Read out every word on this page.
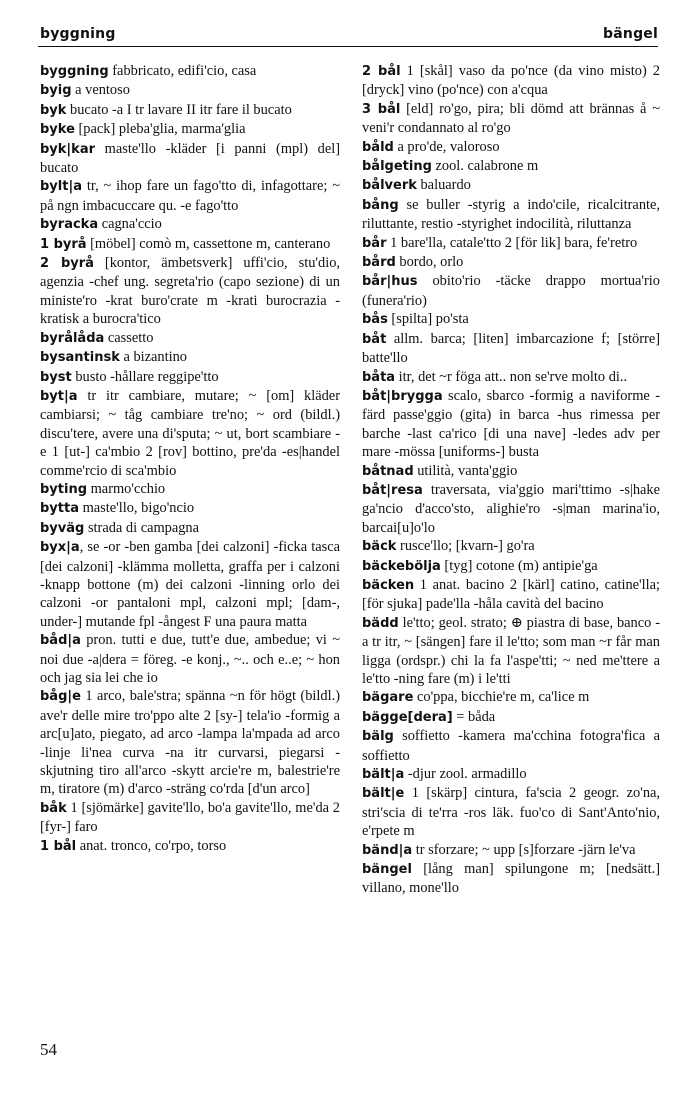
byggning	bängel
byggning fabbricato, edifi'cio, casa
byig a ventoso
byk bucato -a I tr lavare II itr fare il bucato
byke [pack] pleba'glia, marma'glia
byk|kar maste'llo -kläder [i panni (mpl) del] bucato
bylt|a tr, ~ ihop fare un fago'tto di, infagottare; ~ på ngn imbacuccare qu. -e fago'tto
byracka cagna'ccio
1 byrå [möbel] comò m, cassettone m, canterano
2 byrå [kontor, ämbetsverk] uffi'cio, stu'dio, agenzia -chef ung. segreta'rio (capo sezione) di un ministe'ro -krat buro'crate m -krati burocrazia -kratisk a burocra'tico
byrålåda cassetto
bysantinsk a bizantino
byst busto -hållare reggipe'tto
byt|a tr itr cambiare, mutare; ~ [om] kläder cambiarsi; ~ tåg cambiare tre'no; ~ ord (bildl.) discu'tere, avere una di'sputa; ~ ut, bort scambiare -e 1 [ut-] ca'mbio 2 [rov] bottino, pre'da -es|handel comme'rcio di sca'mbio
byting marmo'cchio
bytta maste'llo, bigo'ncio
byväg strada di campagna
byx|a, se -or -ben gamba [dei calzoni] -ficka tasca [dei calzoni] -klämma molletta, graffa per i calzoni -knapp bottone (m) dei calzoni -linning orlo dei calzoni -or pantaloni mpl, calzoni mpl; [dam-, under-] mutande fpl -ångest F una paura matta
båd|a pron. tutti e due, tutt'e due, ambedue; vi ~ noi due -a|dera = föreg. -e konj., ~.. och e..e; ~ hon och jag sia lei che io
båg|e 1 arco, bale'stra; spänna ~n för högt (bildl.) ave'r delle mire tro'ppo alte 2 [sy-] tela'io -formig a arc[u]ato, piegato, ad arco -lampa la'mpada ad arco -linje li'nea curva -na itr curvarsi, piegarsi -skjutning tiro all'arco -skytt arcie're m, balestrie're m, tiratore (m) d'arco -sträng co'rda [d'un arco]
båk 1 [sjömärke] gavite'llo, bo'a gavite'llo, me'da 2 [fyr-] faro
1 bål anat. tronco, co'rpo, torso
2 bål 1 [skål] vaso da po'nce (da vino misto) 2 [dryck] vino (po'nce) con a'cqua
3 bål [eld] ro'go, pira; bli dömd att brännas å ~ veni'r condannato al ro'go
båld a pro'de, valoroso
bålgeting zool. calabrone m
bålverk baluardo
bång se buller -styrig a indo'cile, ricalcitrante, riluttante, restio -styrighet indocilità, riluttanza
bår 1 bare'lla, catale'tto 2 [för lik] bara, fe'retro
bård bordo, orlo
bår|hus obito'rio -täcke drappo mortua'rio (funera'rio)
bås [spilta] po'sta
båt allm. barca; [liten] imbarcazione f; [större] batte'llo
båta itr, det ~r föga att.. non se'rve molto di..
båt|brygga scalo, sbarco -formig a naviforme -färd passe'ggio (gita) in barca -hus rimessa per barche -last ca'rico [di una nave] -ledes adv per mare -mössa [uniforms-] busta
båtnad utilità, vanta'ggio
båt|resa traversata, via'ggio mari'ttimo -s|hake ga'ncio d'acco'sto, alighie'ro -s|man marina'io, barcai[u]o'lo
bäck rusce'llo; [kvarn-] go'ra
bäckebölja [tyg] cotone (m) antipie'ga
bäcken 1 anat. bacino 2 [kärl] catino, catine'lla; [för sjuka] pade'lla -håla cavità del bacino
bädd le'tto; geol. strato; ⊕ piastra di base, banco -a tr itr, ~ [sängen] fare il le'tto; som man ~r får man ligga (ordspr.) chi la fa l'aspe'tti; ~ ned me'ttere a le'tto -ning fare (m) i le'tti
bägare co'ppa, bicchie're m, ca'lice m
bägge[dera] = båda
bälg soffietto -kamera ma'cchina fotogra'fica a soffietto
bält|a -djur zool. armadillo
bält|e 1 [skärp] cintura, fa'scia 2 geogr. zo'na, stri'scia di te'rra -ros läk. fuo'co di Sant'Anto'nio, e'rpete m
bänd|a tr sforzare; ~ upp [s]forzare -järn le'va
bängel [lång man] spilungone m; [nedsätt.] villano, mone'llo
54
